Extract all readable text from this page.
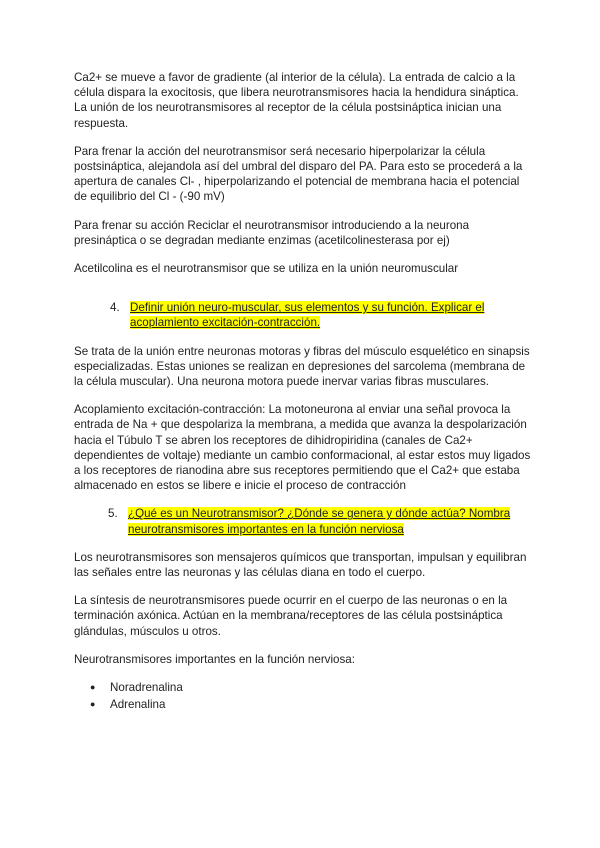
Ca2+ se mueve a favor de gradiente (al interior de la célula). La entrada de calcio a la célula dispara la exocitosis, que libera neurotransmisores hacia la hendidura sináptica. La unión de los neurotransmisores al receptor de la célula postsináptica inician una respuesta.

Para frenar la acción del neurotransmisor será necesario hiperpolarizar la célula postsináptica, alejandola así del umbral del disparo del PA. Para esto se procederá a la apertura de canales Cl- , hiperpolarizando el potencial de membrana hacia el potencial de equilibrio del Cl - (-90 mV)

Para frenar su acción Reciclar el neurotransmisor introduciendo a la neurona presináptica o se degradan mediante enzimas (acetilcolinesterasa por ej)

Acetilcolina es el neurotransmisor que se utiliza en la unión neuromuscular

4. Definir unión neuro-muscular, sus elementos y su función. Explicar el acoplamiento excitación-contracción.

Se trata de la unión entre neuronas motoras y fibras del músculo esquelético en sinapsis especializadas. Estas uniones se realizan en depresiones del sarcolema (membrana de la célula muscular). Una neurona motora puede inervar varias fibras musculares.

Acoplamiento excitación-contracción: La motoneurona al enviar una señal provoca la entrada de Na + que despolariza la membrana, a medida que avanza la despolarización hacia el Túbulo T se abren los receptores de dihidropiridina (canales de Ca2+ dependientes de voltaje) mediante un cambio conformacional, al estar estos muy ligados a los receptores de rianodina abre sus receptores permitiendo que el Ca2+ que estaba almacenado en estos se libere e inicie el proceso de contracción

5. ¿Qué es un Neurotransmisor? ¿Dónde se genera y dónde actúa? Nombra neurotransmisores importantes en la función nerviosa

Los neurotransmisores son mensajeros químicos que transportan, impulsan y equilibran las señales entre las neuronas y las células diana en todo el cuerpo.

La síntesis de neurotransmisores puede ocurrir en el cuerpo de las neuronas o en la terminación axónica. Actúan en la membrana/receptores de las célula postsináptica glándulas, músculos u otros.

Neurotransmisores importantes en la función nerviosa:

●	Noradrenalina
●	Adrenalina
